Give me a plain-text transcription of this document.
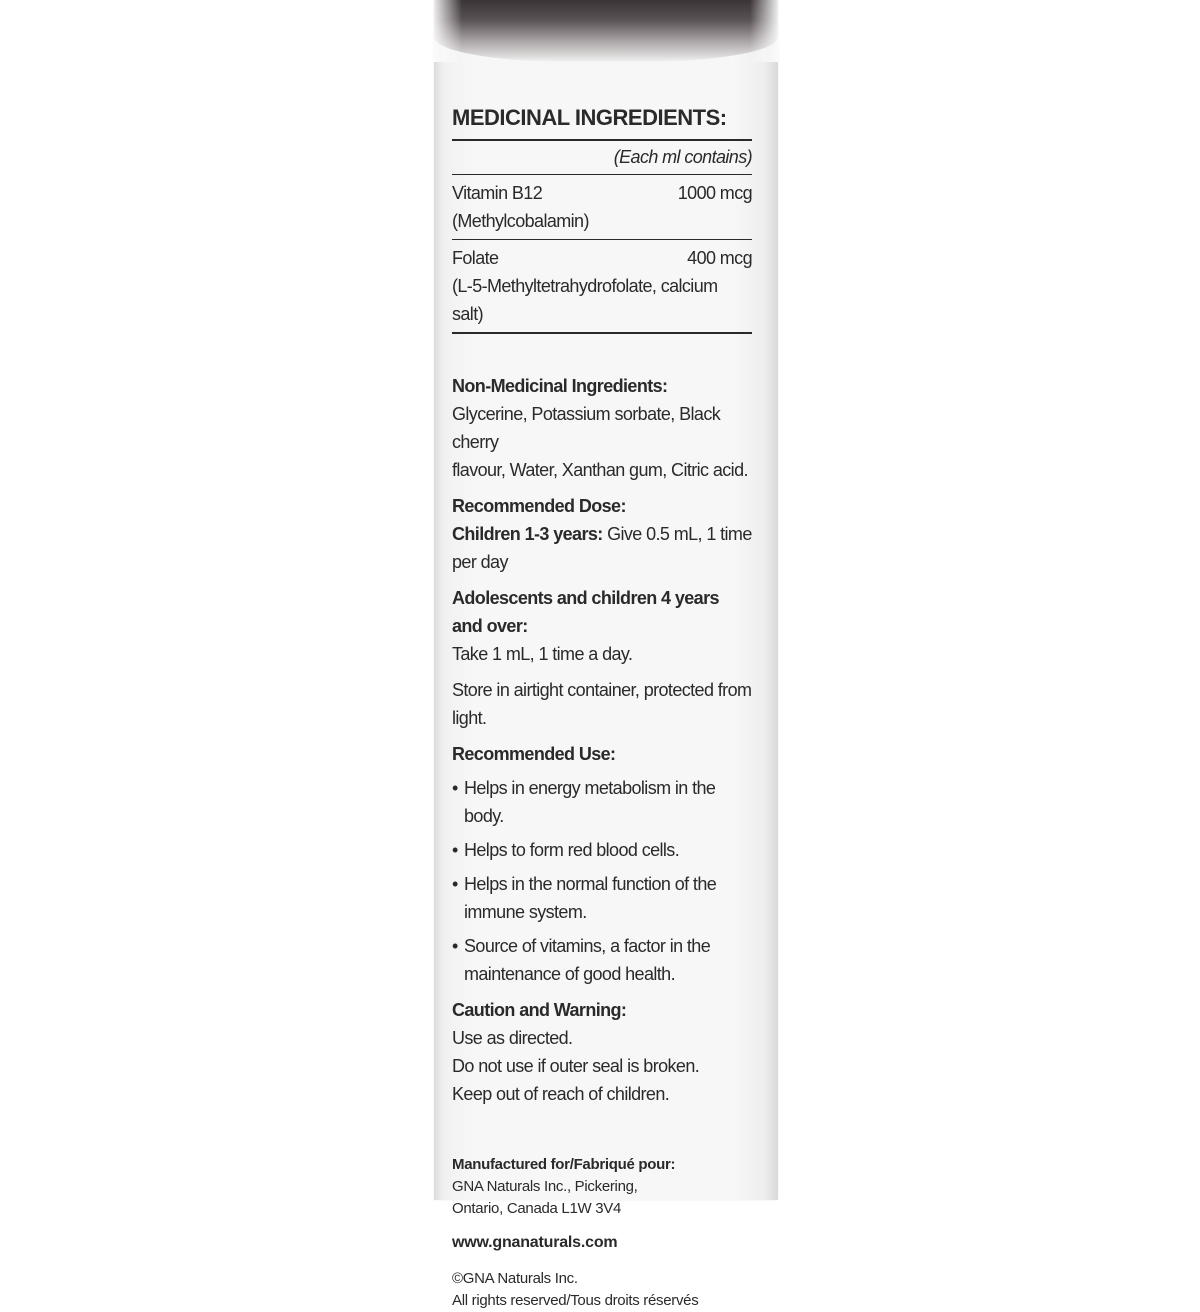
MEDICINAL INGREDIENTS:
(Each ml contains)
Vitamin B12	1000 mcg
(Methylcobalamin)
Folate	400 mcg
(L-5-Methyltetrahydrofolate, calcium salt)
Non-Medicinal Ingredients:
Glycerine, Potassium sorbate, Black cherry
flavour, Water, Xanthan gum, Citric acid.
Recommended Dose:
Children 1-3 years: Give 0.5 mL, 1 time per day
Adolescents and children 4 years and over:
Take 1 mL, 1 time a day.
Store in airtight container, protected from light.
Recommended Use:
• Helps in energy metabolism in the body.
• Helps to form red blood cells.
• Helps in the normal function of the immune system.
• Source of vitamins, a factor in the maintenance of good health.
Caution and Warning:
Use as directed.
Do not use if outer seal is broken.
Keep out of reach of children.
Manufactured for/Fabriqué pour:
GNA Naturals Inc., Pickering,
Ontario, Canada L1W 3V4
www.gnanaturals.com
©GNA Naturals Inc.
All rights reserved/Tous droits réservés
